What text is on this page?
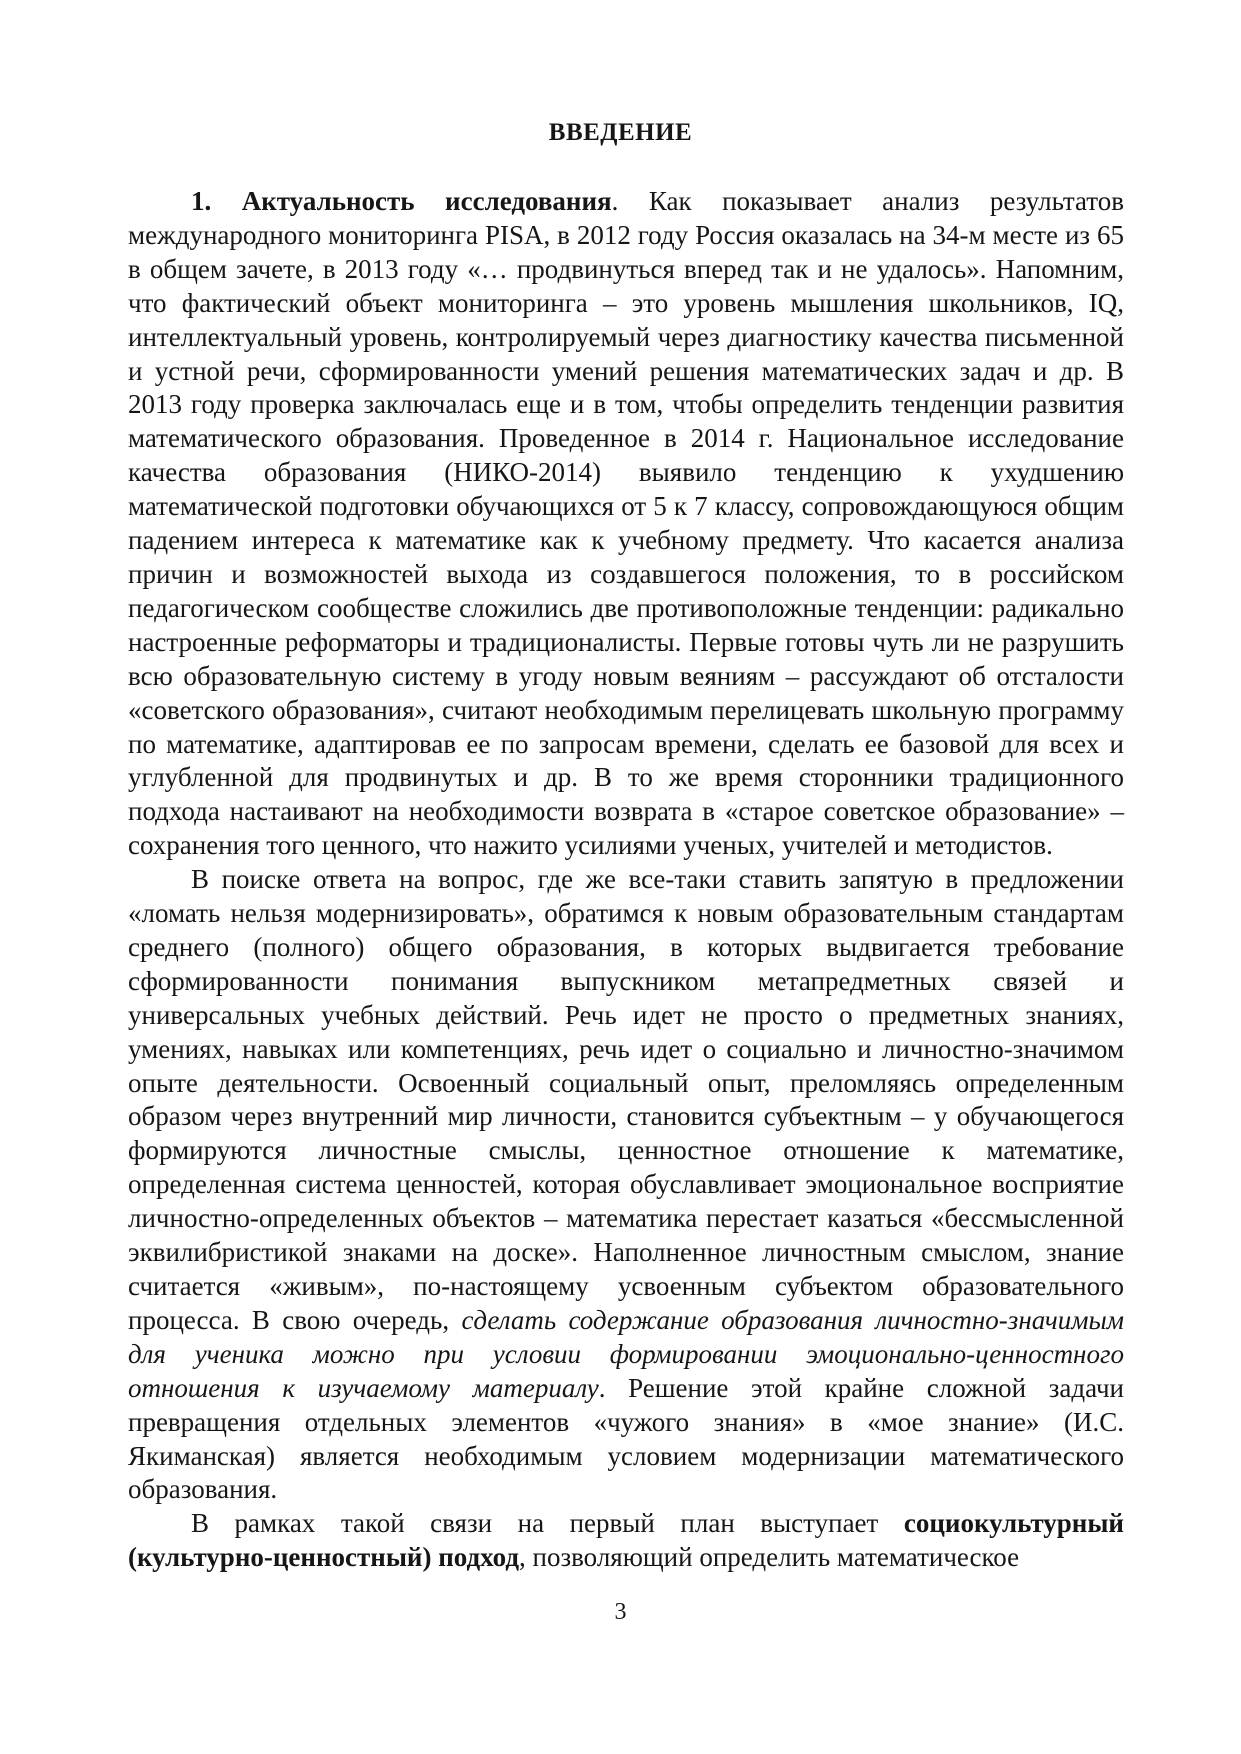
ВВЕДЕНИЕ

1. Актуальность исследования. Как показывает анализ результатов международного мониторинга PISA, в 2012 году Россия оказалась на 34-м месте из 65 в общем зачете, в 2013 году «… продвинуться вперед так и не удалось». Напомним, что фактический объект мониторинга – это уровень мышления школьников, IQ, интеллектуальный уровень, контролируемый через диагностику качества письменной и устной речи, сформированности умений решения математических задач и др. В 2013 году проверка заключалась еще и в том, чтобы определить тенденции развития математического образования. Проведенное в 2014 г. Национальное исследование качества образования (НИКО-2014) выявило тенденцию к ухудшению математической подготовки обучающихся от 5 к 7 классу, сопровождающуюся общим падением интереса к математике как к учебному предмету. Что касается анализа причин и возможностей выхода из создавшегося положения, то в российском педагогическом сообществе сложились две противоположные тенденции: радикально настроенные реформаторы и традиционалисты. Первые готовы чуть ли не разрушить всю образовательную систему в угоду новым веяниям – рассуждают об отсталости «советского образования», считают необходимым перелицевать школьную программу по математике, адаптировав ее по запросам времени, сделать ее базовой для всех и углубленной для продвинутых и др. В то же время сторонники традиционного подхода настаивают на необходимости возврата в «старое советское образование» – сохранения того ценного, что нажито усилиями ученых, учителей и методистов.

В поиске ответа на вопрос, где же все-таки ставить запятую в предложении «ломать нельзя модернизировать», обратимся к новым образовательным стандартам среднего (полного) общего образования, в которых выдвигается требование сформированности понимания выпускником метапредметных связей и универсальных учебных действий. Речь идет не просто о предметных знаниях, умениях, навыках или компетенциях, речь идет о социально и личностно-значимом опыте деятельности. Освоенный социальный опыт, преломляясь определенным образом через внутренний мир личности, становится субъектным – у обучающегося формируются личностные смыслы, ценностное отношение к математике, определенная система ценностей, которая обуславливает эмоциональное восприятие личностно-определенных объектов – математика перестает казаться «бессмысленной эквилибристикой знаками на доске». Наполненное личностным смыслом, знание считается «живым», по-настоящему усвоенным субъектом образовательного процесса. В свою очередь, сделать содержание образования личностно-значимым для ученика можно при условии формировании эмоционально-ценностного отношения к изучаемому материалу. Решение этой крайне сложной задачи превращения отдельных элементов «чужого знания» в «мое знание» (И.С. Якиманская) является необходимым условием модернизации математического образования.

В рамках такой связи на первый план выступает социокультурный (культурно-ценностный) подход, позволяющий определить математическое

3
